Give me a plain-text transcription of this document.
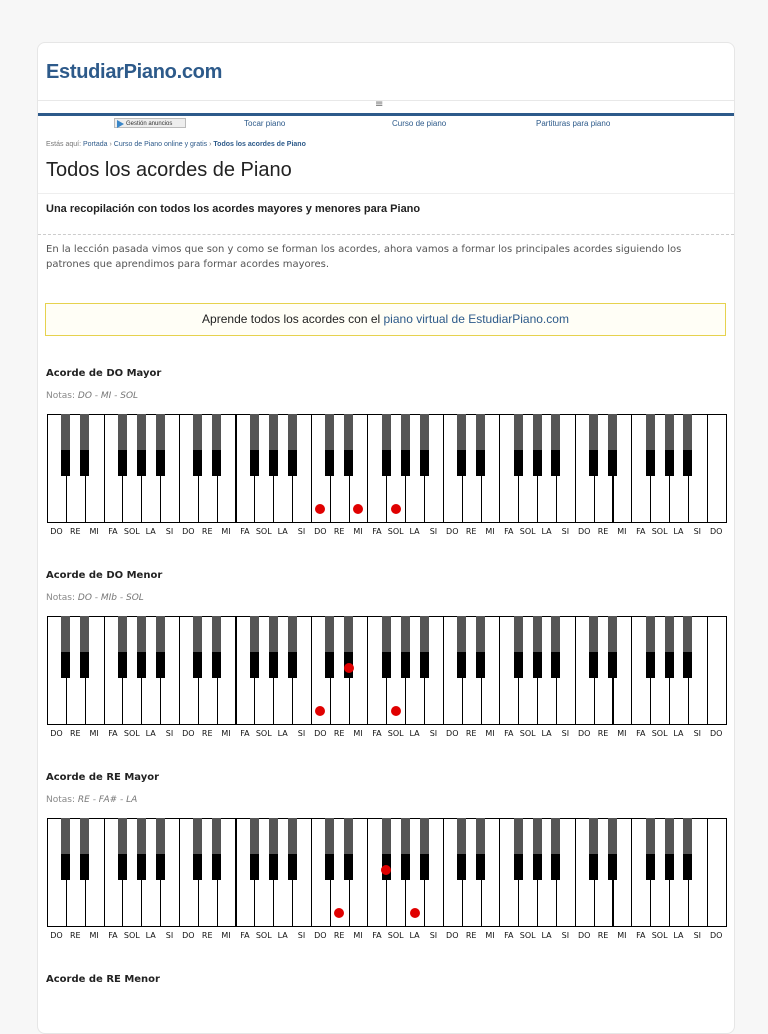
EstudiarPiano.com
≡
Gestión anuncios	Tocar piano	Curso de piano	Partituras para piano
Estás aquí: Portada › Curso de Piano online y gratis › Todos los acordes de Piano
Todos los acordes de Piano
Una recopilación con todos los acordes mayores y menores para Piano
En la lección pasada vimos que son y como se forman los acordes, ahora vamos a formar los principales acordes siguiendo los patrones que aprendimos para formar acordes mayores.
Aprende todos los acordes con el piano virtual de EstudiarPiano.com
Acorde de DO Mayor
Notas: DO - MI - SOL
DO RE	MI	FA SOL LA	SI	DO RE	MI	FA SOL LA	SI	DO RE	MI	FA SOL LA	SI	DO RE	MI	FA SOL LA	SI	DO RE	MI	FA SOL LA	SI	DO
Acorde de DO Menor
Notas: DO - MIb - SOL
DO RE	MI	FA SOL LA	SI	DO RE	MI	FA SOL LA	SI	DO RE	MI	FA SOL LA	SI	DO RE	MI	FA SOL LA	SI	DO RE	MI	FA SOL LA	SI	DO
Acorde de RE Mayor
Notas: RE - FA# - LA
DO RE	MI	FA SOL LA	SI	DO RE	MI	FA SOL LA	SI	DO RE	MI	FA SOL LA	SI	DO RE	MI	FA SOL LA	SI	DO RE	MI	FA SOL LA	SI	DO
Acorde de RE Menor
